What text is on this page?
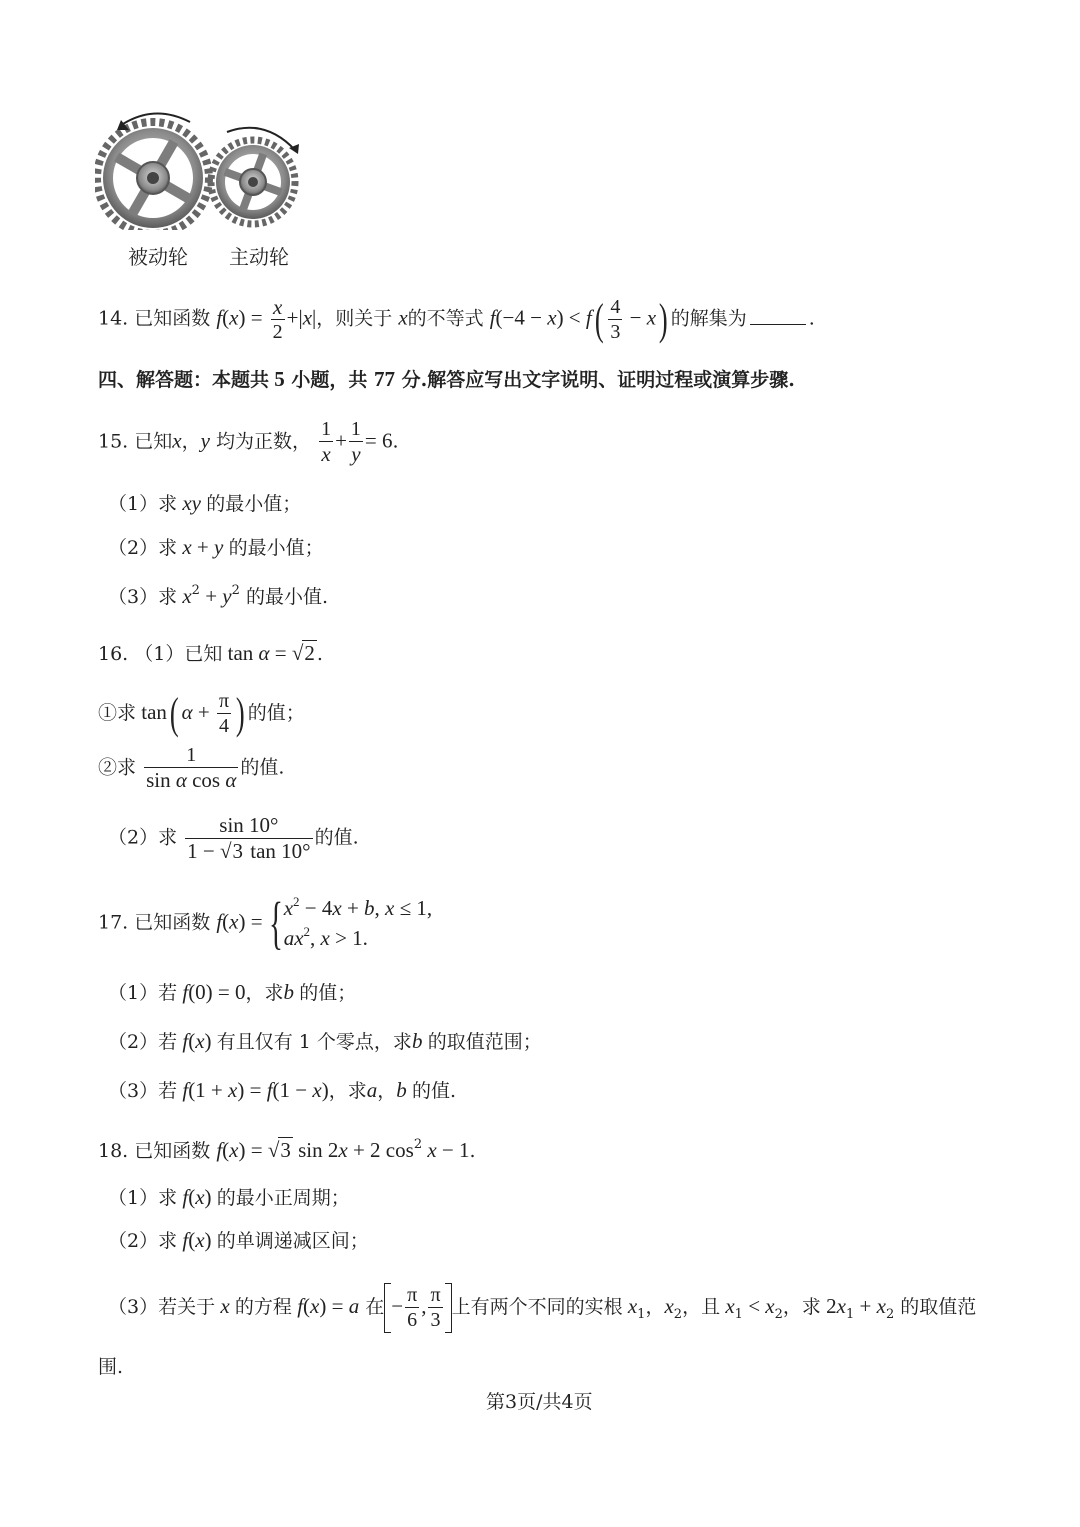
被动轮 主动轮
14. 已知函数 $f(x) = \frac{x}{2} +|x|$，则关于 x的不等式 $f(-4 - x) < f( \frac{4}{3} - x)$ 的解集为	.
四、解答题：本题共 5 小题，共 77 分.解答应写出文字说明、证明过程或演算步骤.
15. 已知x，y 均为正数， $\frac{1}{x} + \frac{1}{y} = 6$.
（1）求 xy 的最小值；
（2）求 x + y 的最小值；
（3）求 $x^2 + y^2$ 的最小值.
16. （1）已知 tan α = √2 .
①求 tan( $\alpha + \frac{\pi}{4}$ ) 的值；
②求 $\frac{1}{\text{sin α cos α}}$ 的值.
（2）求 $\frac{\sin 10^\circ}{1 - √3 \tan 10^\circ}$ 的值.
17. 已知函数 f(x) = { $x^2 - 4x + b$, x ≤ 1,
$ax^2$, x > 1.
（1）若 f(0) = 0，求b 的值；
（2）若 f(x) 有且仅有 1 个零点，求b 的取值范围；
（3）若 f(1 + x) = f(1 − x)，求a，b 的值.
18. 已知函数 f(x) = √3 sin 2x + 2 $\cos^2 x - 1$.
（1）求 f(x) 的最小正周期；
（2）求 f(x) 的单调递减区间；
（3）若关于 x 的方程 f(x) = a 在 − $\frac{\pi}{6}$ , $\frac{\pi}{3}$ 上有两个不同的实根 $x_1$，$x_2$，且 $x_1 < x_2$，求 $2x_1 + x_2$ 的取值范
围.
第3页/共4页
